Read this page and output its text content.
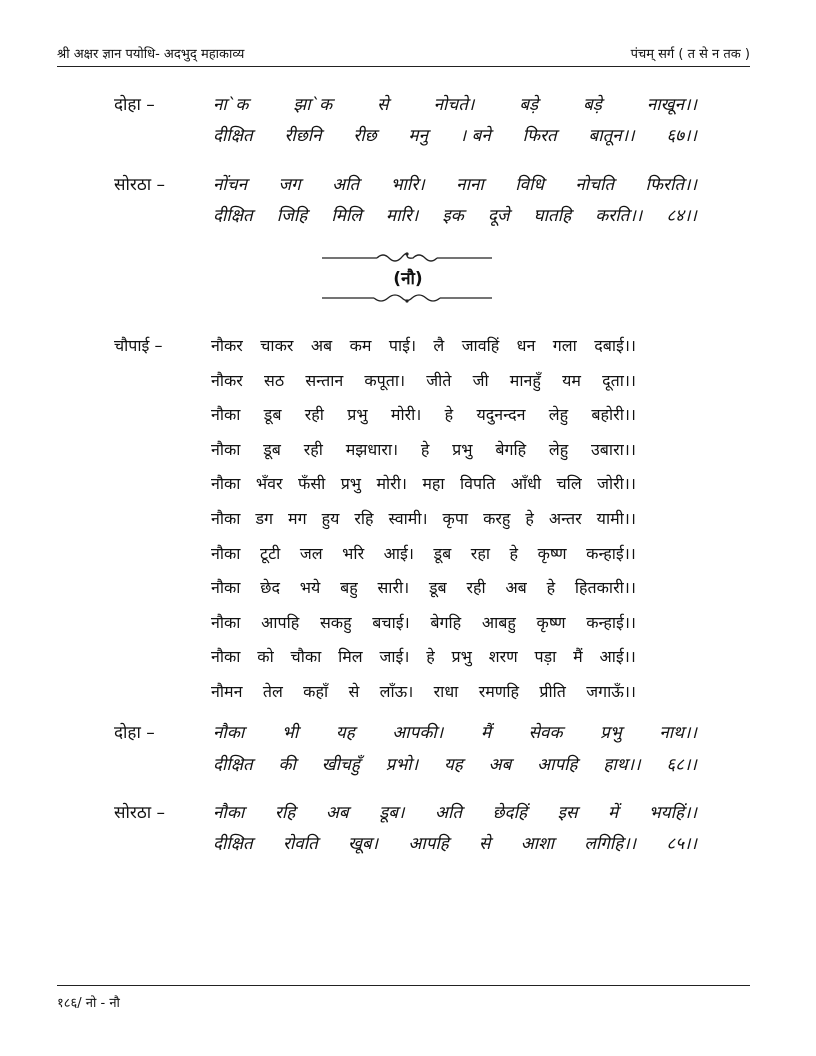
श्री अक्षर ज्ञान पयोधि- अदभुद् महाकाव्य	पंचम् सर्ग ( त से न तक )
दोहा –	ना`क	झा`क	से	नोचते।	बडे़	बडे़	नाखून।।
दीक्षित रीछनि रीछ मनु । बने फिरत बातून।। ६७।।
सोरठा –	नोंचन जग अति भारि। नाना विधि नोचति फिरति।।
दीक्षित जिहि मिलि मारि। इक दूजे घातहि करति।। ८४।।
(नौ)
चौपाई –	नौकर चाकर अब कम पाई। लै जावहिं धन गला दबाई।।
नौकर सठ सन्तान कपूता। जीते जी मानहुँ यम दूता।।
नौका डूब रही प्रभु मोरी। हे यदुनन्दन लेहु बहोरी।।
नौका डूब रही मझधारा। हे प्रभु बेगहि लेहु उबारा।।
नौका भँवर फँसी प्रभु मोरी। महा विपति आँधी चलि जोरी।।
नौका डग मग हुय रहि स्वामी। कृपा करहु हे अन्तर यामी।।
नौका टूटी जल भरि आई। डूब रहा हे कृष्ण कन्हाई।।
नौका छेद भये बहु सारी। डूब रही अब हे हितकारी।।
नौका आपहि सकहु बचाई। बेगहि आबहु कृष्ण कन्हाई।।
नौका को चौका मिल जाई। हे प्रभु शरण पड़ा मैं आई।।
नौमन तेल कहाँ से लाँऊ। राधा रमणहि प्रीति जगाऊँ।।
दोहा –	नौका भी यह आपकी। मैं सेवक प्रभु नाथ।।
दीक्षित की खीचहुँ प्रभो। यह अब आपहि हाथ।। ६८।।
सोरठा –	नौका रहि अब डूब। अति छेदहिं इस में भयहिं।।
दीक्षित रोवति खूब। आपहि से आशा लगिहि।। ८५।।
१८६/ नो - नौ
